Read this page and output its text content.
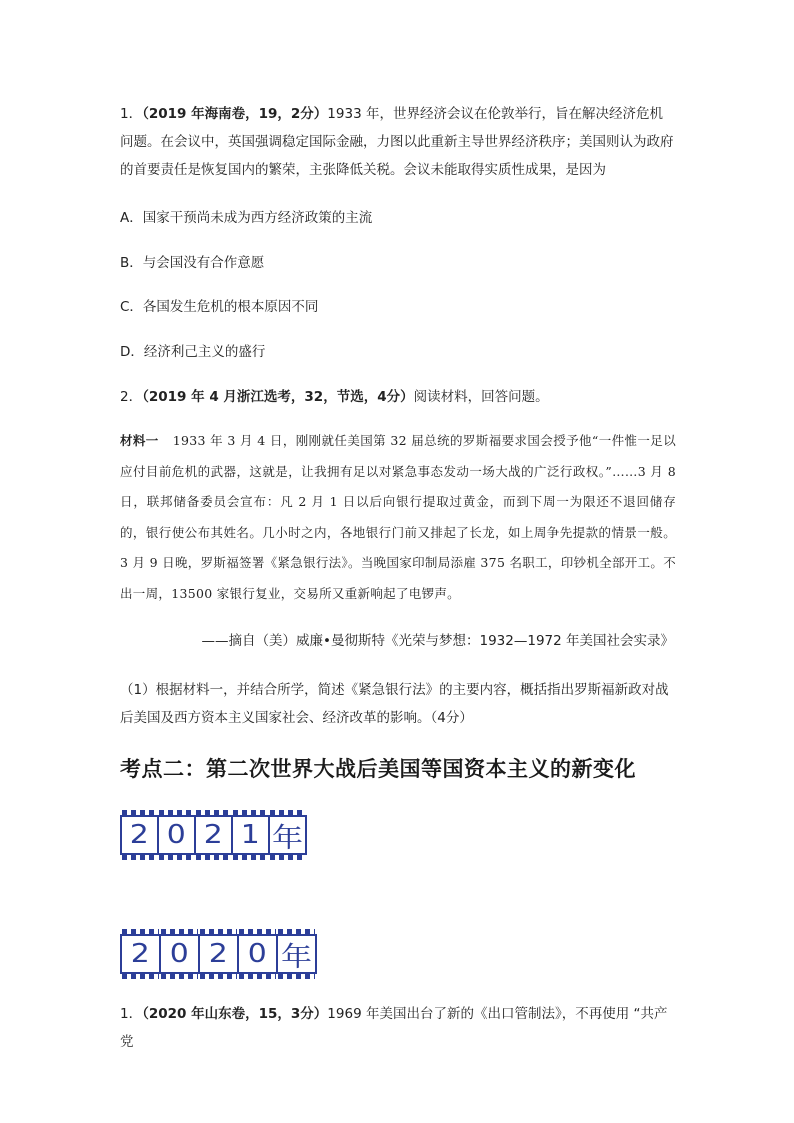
1．（2019 年海南卷，19，2分）1933 年，世界经济会议在伦敦举行，旨在解决经济危机问题。在会议中，英国强调稳定国际金融，力图以此重新主导世界经济秩序；美国则认为政府的首要责任是恢复国内的繁荣，主张降低关税。会议未能取得实质性成果，是因为

A．国家干预尚未成为西方经济政策的主流

B．与会国没有合作意愿

C．各国发生危机的根本原因不同

D．经济利己主义的盛行

2．（2019 年 4 月浙江选考，32，节选，4分）阅读材料，回答问题。

材料一 1933 年 3 月 4 日，刚刚就任美国第 32 届总统的罗斯福要求国会授予他“一件惟一足以应付目前危机的武器，这就是，让我拥有足以对紧急事态发动一场大战的广泛行政权。”……3 月 8 日，联邦储备委员会宣布：凡 2 月 1 日以后向银行提取过黄金，而到下周一为限还不退回储存的，银行使公布其姓名。几小时之内，各地银行门前又排起了长龙，如上周争先提款的情景一般。3 月 9 日晚，罗斯福签署《紧急银行法》。当晚国家印制局添雇 375 名职工，印钞机全部开工。不出一周，13500 家银行复业，交易所又重新响起了电锣声。

——摘自（美）威廉•曼彻斯特《光荣与梦想：1932—1972 年美国社会实录》

（1）根据材料一，并结合所学，简述《紧急银行法》的主要内容，概括指出罗斯福新政对战后美国及西方资本主义国家社会、经济改革的影响。（4分）

考点二：第二次世界大战后美国等国资本主义的新变化
2 0 2 1 年
2 0 2 0 年

1．（2020 年山东卷，15，3分）1969 年美国出台了新的《出口管制法》，不再使用 “共产党
